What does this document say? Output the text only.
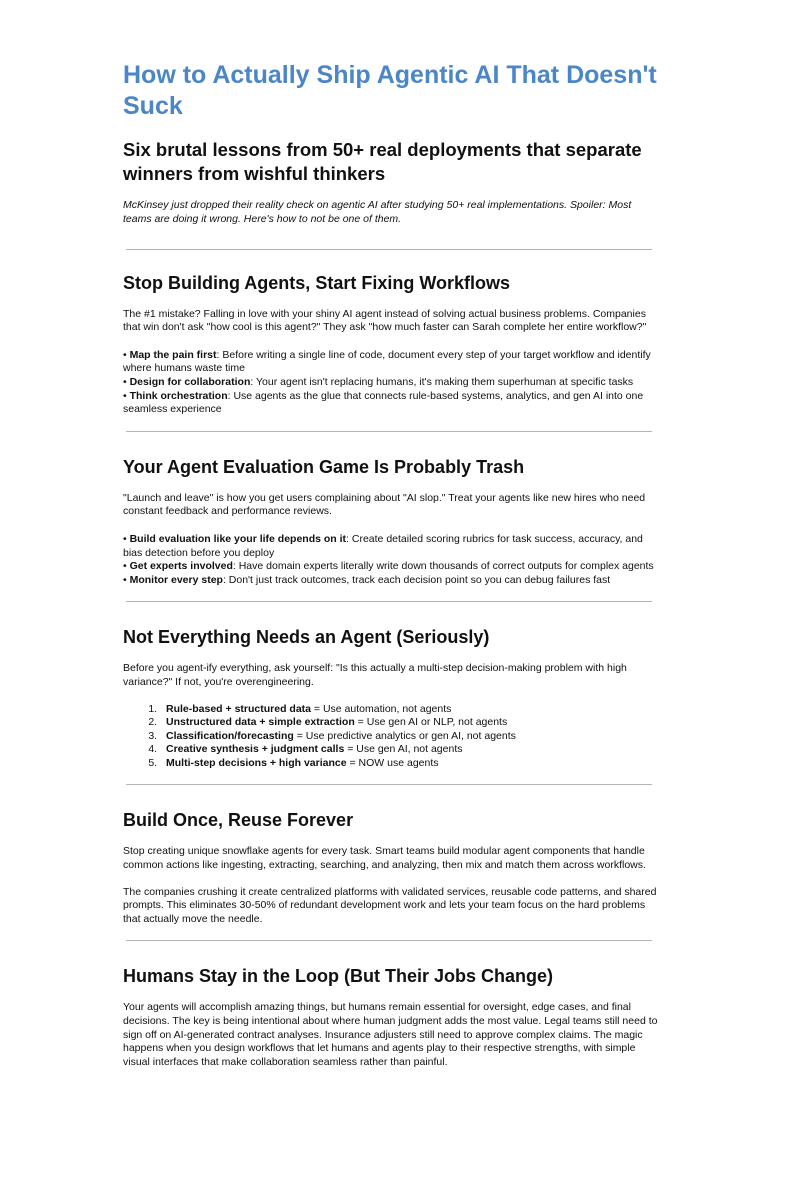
How to Actually Ship Agentic AI That Doesn't Suck
Six brutal lessons from 50+ real deployments that separate winners from wishful thinkers

McKinsey just dropped their reality check on agentic AI after studying 50+ real implementations. Spoiler: Most teams are doing it wrong. Here's how to not be one of them.

Stop Building Agents, Start Fixing Workflows

The #1 mistake? Falling in love with your shiny AI agent instead of solving actual business problems. Companies that win don't ask "how cool is this agent?" They ask "how much faster can Sarah complete her entire workflow?"

• Map the pain first: Before writing a single line of code, document every step of your target workflow and identify where humans waste time
• Design for collaboration: Your agent isn't replacing humans, it's making them superhuman at specific tasks
• Think orchestration: Use agents as the glue that connects rule-based systems, analytics, and gen AI into one seamless experience
Your Agent Evaluation Game Is Probably Trash

"Launch and leave" is how you get users complaining about "AI slop." Treat your agents like new hires who need constant feedback and performance reviews.

• Build evaluation like your life depends on it: Create detailed scoring rubrics for task success, accuracy, and bias detection before you deploy
• Get experts involved: Have domain experts literally write down thousands of correct outputs for complex agents
• Monitor every step: Don't just track outcomes, track each decision point so you can debug failures fast
Not Everything Needs an Agent (Seriously)

Before you agent-ify everything, ask yourself: "Is this actually a multi-step decision-making problem with high variance?" If not, you're overengineering.

1. Rule-based + structured data = Use automation, not agents
2. Unstructured data + simple extraction = Use gen AI or NLP, not agents
3. Classification/forecasting = Use predictive analytics or gen AI, not agents
4. Creative synthesis + judgment calls = Use gen AI, not agents
5. Multi-step decisions + high variance = NOW use agents
Build Once, Reuse Forever

Stop creating unique snowflake agents for every task. Smart teams build modular agent components that handle common actions like ingesting, extracting, searching, and analyzing, then mix and match them across workflows.

The companies crushing it create centralized platforms with validated services, reusable code patterns, and shared prompts. This eliminates 30-50% of redundant development work and lets your team focus on the hard problems that actually move the needle.

Humans Stay in the Loop (But Their Jobs Change)

Your agents will accomplish amazing things, but humans remain essential for oversight, edge cases, and final decisions. The key is being intentional about where human judgment adds the most value. Legal teams still need to sign off on AI-generated contract analyses. Insurance adjusters still need to approve complex claims. The magic happens when you design workflows that let humans and agents play to their respective strengths, with simple visual interfaces that make collaboration seamless rather than painful.
